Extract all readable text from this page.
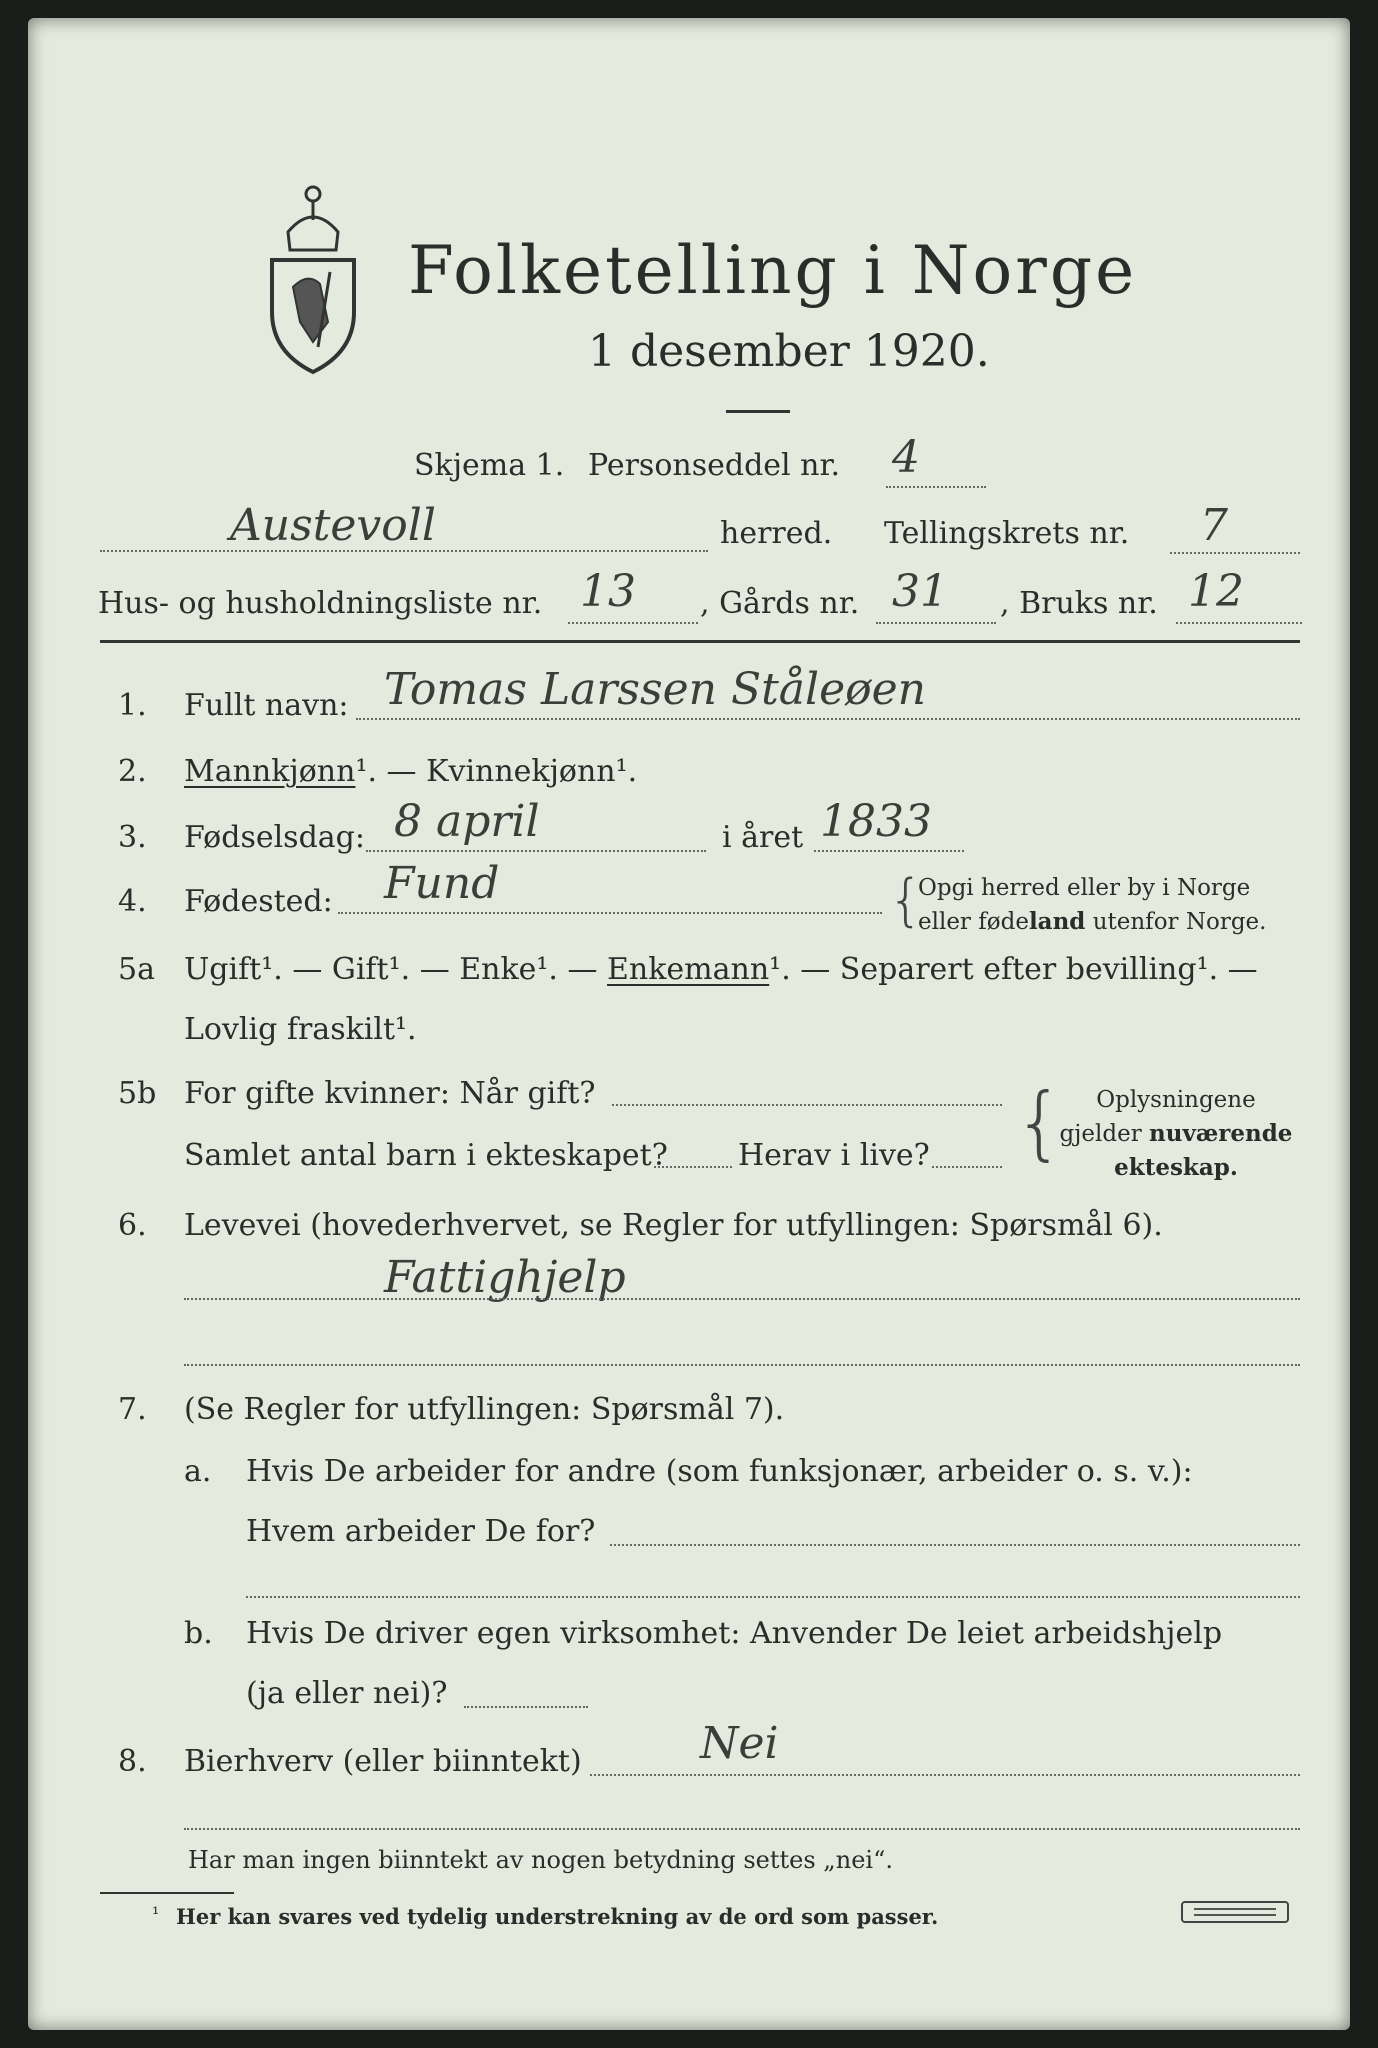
Folketelling i Norge
1 desember 1920.
Skjema 1. Personseddel nr. 4
Austevoll	herred. Tellingskrets nr. 7
Hus- og husholdningsliste nr. 13 , Gårds nr. 31 , Bruks nr. 12
1. Fullt navn: Tomas Larssen Ståleøen
2. Mannkjønn¹. — Kvinnekjønn¹.
3. Fødselsdag: 8 april	i året 1833
4. Fødested: Fund	{
Opgi herred eller by i Norge
eller fødeland utenfor Norge.
5a Ugift¹. — Gift¹. — Enke¹. — Enkemann¹. — Separert efter bevilling¹. —
Lovlig fraskilt¹.
5b For gifte kvinner: Når gift?
Samlet antal barn i ekteskapet? Herav i live? {	Oplysningene
gjelder nuværende
ekteskap.
6. Levevei (hovederhvervet, se Regler for utfyllingen: Spørsmål 6).
Fattighjelp
7. (Se Regler for utfyllingen: Spørsmål 7).
a. Hvis De arbeider for andre (som funksjonær, arbeider o. s. v.):
Hvem arbeider De for?
b. Hvis De driver egen virksomhet: Anvender De leiet arbeidshjelp
(ja eller nei)?
8. Bierhverv (eller biinntekt)	Nei
Har man ingen biinntekt av nogen betydning settes „nei“.
¹ Her kan svares ved tydelig understrekning av de ord som passer.
